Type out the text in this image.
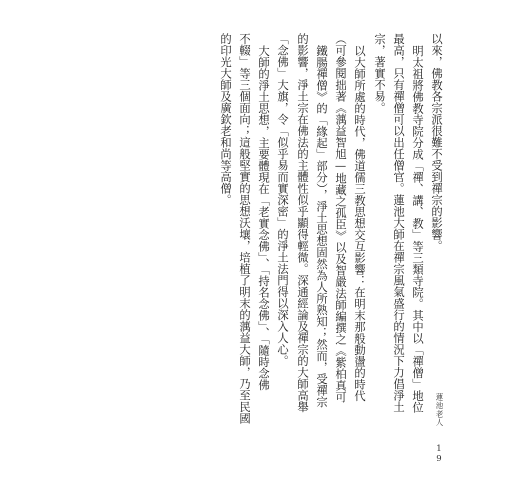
以來，佛教各宗派很難不受到禪宗的影響。
明太祖將佛教寺院分成「禪、講、教」等三類寺院。其中以「禪僧」地位
最高，只有禪僧可以出任僧官。蓮池大師在禪宗風氣盛行的情況下力倡淨土
宗，著實不易。
以大師所處的時代，佛道儒三教思想交互影響：在明末那般動盪的時代
（可參閱拙著《蕅益智旭—地藏之孤臣》以及智嚴法師編撰之《紫柏真可
鐵腸禪僧》的「緣起」部分），淨土思想固然為人所熟知；然而，受禪宗
的影響，淨土宗在佛法的主體性似乎顯得輕微。深通經論及禪宗的大師高舉
「念佛」大旗，令「似乎易而實深密」的淨土法門得以深入人心。
大師的淨土思想，主要體現在「老實念佛」、「持名念佛」、「隨時念佛
不輟」等三個面向；這般堅實的思想沃壤，培植了明末的蕅益大師，乃至民國
的印光大師及廣欽老和尚等高僧。
蓮池老人 19
